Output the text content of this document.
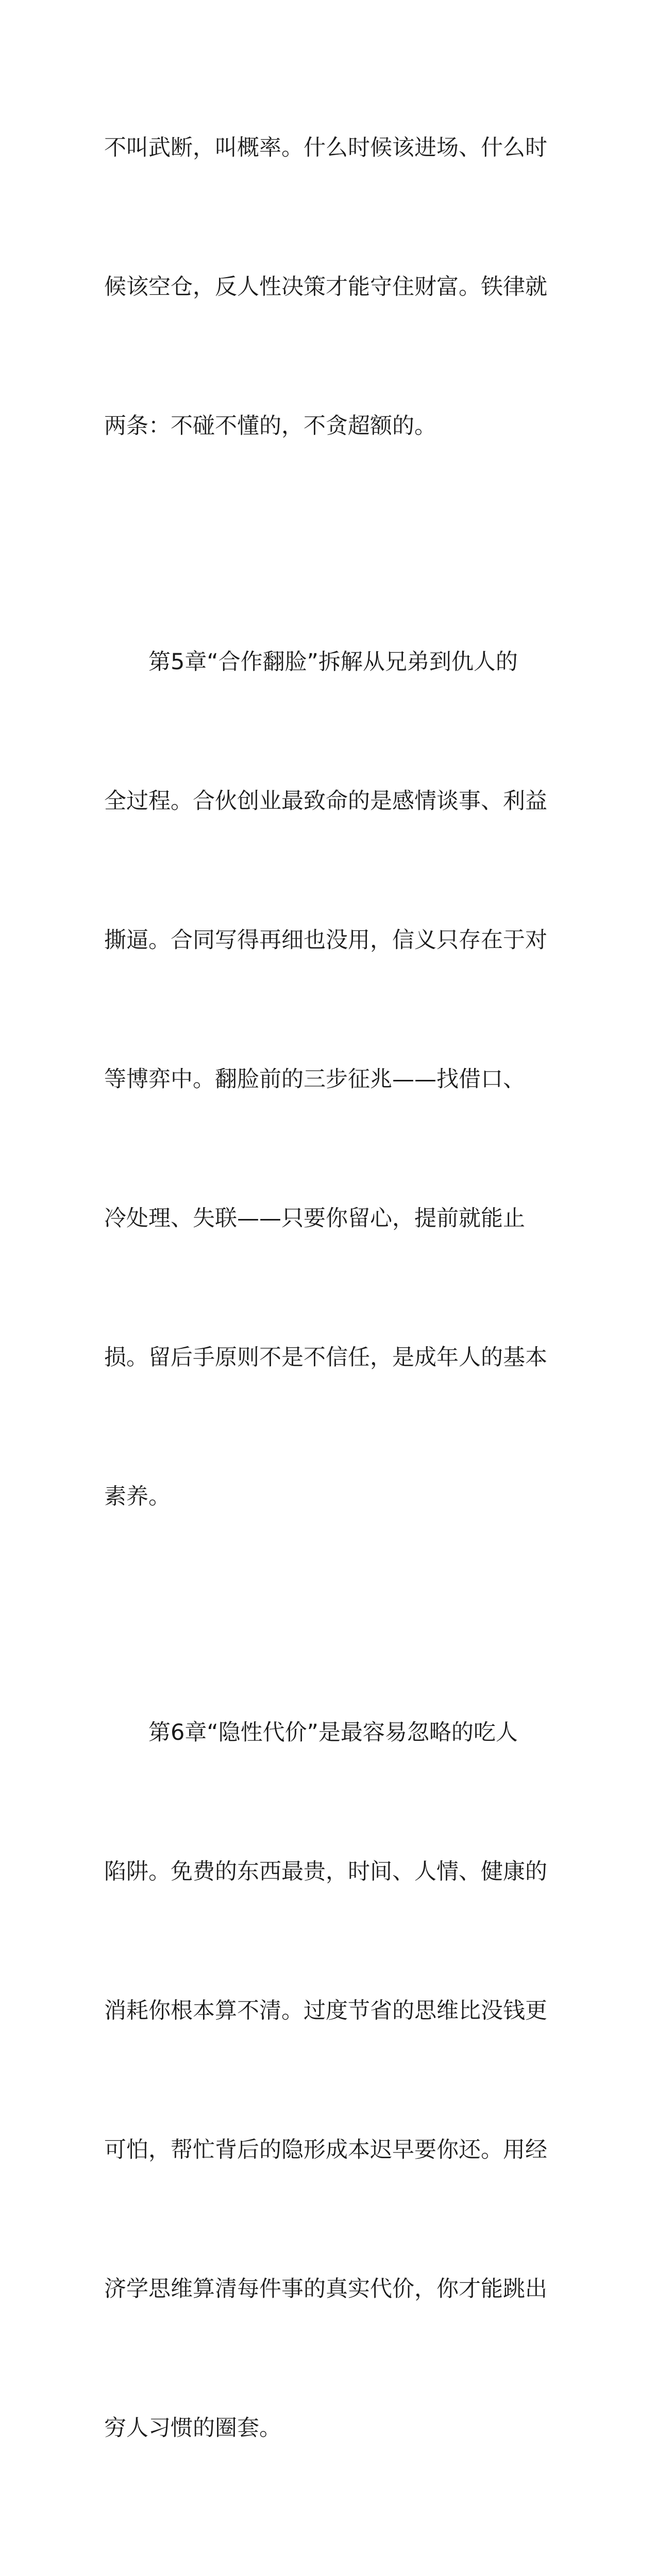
不叫武断，叫概率。什么时候该进场、什么时

候该空仓，反人性决策才能守住财富。铁律就

两条：不碰不懂的，不贪超额的。

第5章“合作翻脸”拆解从兄弟到仇人的

全过程。合伙创业最致命的是感情谈事、利益

撕逼。合同写得再细也没用，信义只存在于对

等博弈中。翻脸前的三步征兆——找借口、

冷处理、失联——只要你留心，提前就能止

损。留后手原则不是不信任，是成年人的基本

素养。

第6章“隐性代价”是最容易忽略的吃人

陷阱。免费的东西最贵，时间、人情、健康的

消耗你根本算不清。过度节省的思维比没钱更

可怕，帮忙背后的隐形成本迟早要你还。用经

济学思维算清每件事的真实代价，你才能跳出

穷人习惯的圈套。
